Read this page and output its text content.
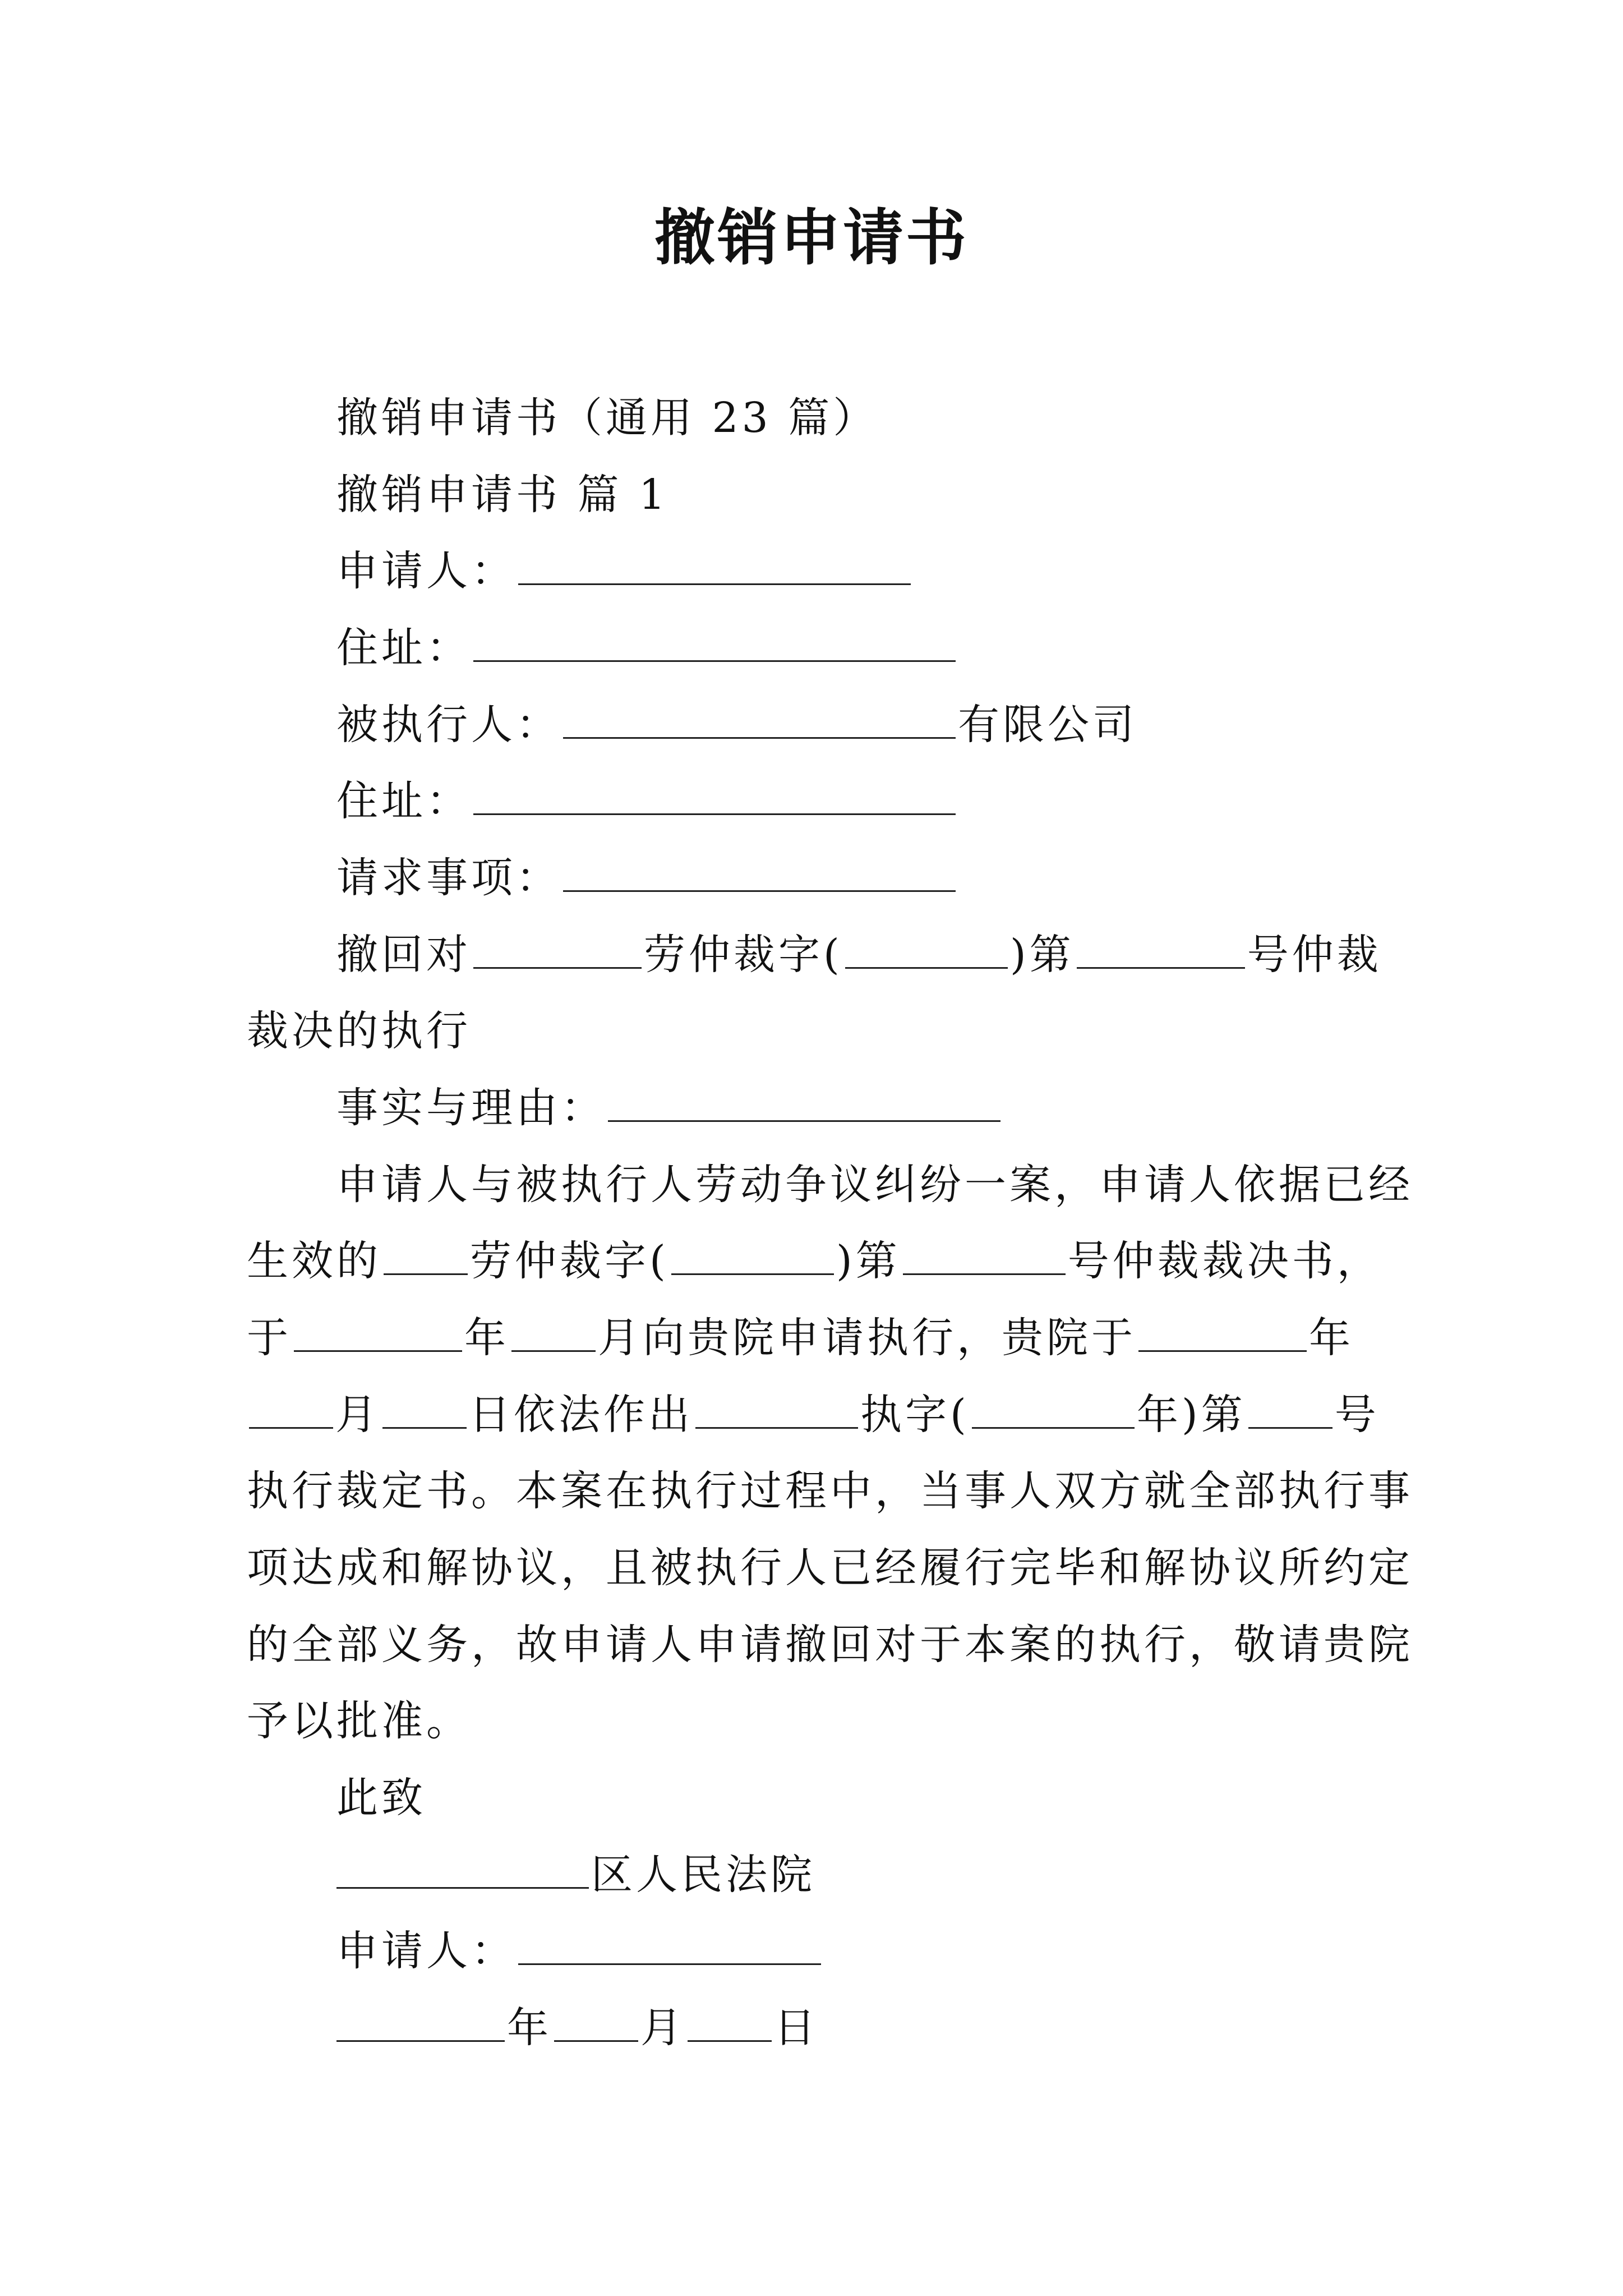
撤销申请书
撤销申请书（通用 23 篇）
撤销申请书 篇 1
申请人：
住址：
被执行人：	有限公司
住址：
请求事项：
撤回对	劳仲裁字(	)第	号仲裁
裁决的执行
事实与理由：
申请人与被执行人劳动争议纠纷一案，申请人依据已经
生效的 劳仲裁字(	)第	号仲裁裁决书，
于	年 月向贵院申请执行，贵院于	年
月 日依法作出	执字(	年)第 号
执行裁定书。本案在执行过程中，当事人双方就全部执行事
项达成和解协议，且被执行人已经履行完毕和解协议所约定
的全部义务，故申请人申请撤回对于本案的执行，敬请贵院
予以批准。
此致
区人民法院
申请人：
年 月 日
